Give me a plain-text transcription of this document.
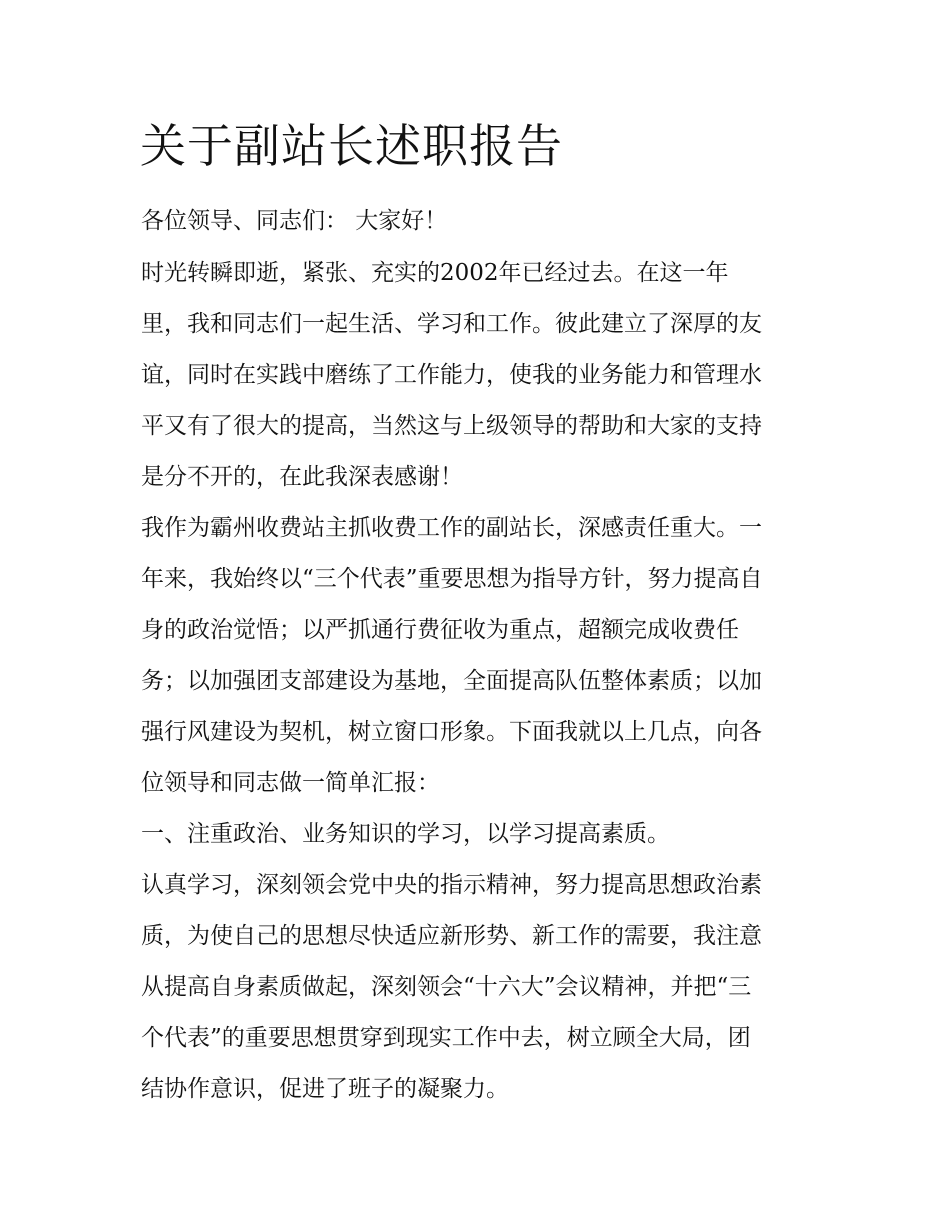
关于副站长述职报告

各位领导、同志们： 大家好！

时光转瞬即逝，紧张、充实的2002年已经过去。在这一年

里，我和同志们一起生活、学习和工作。彼此建立了深厚的友

谊，同时在实践中磨练了工作能力，使我的业务能力和管理水

平又有了很大的提高，当然这与上级领导的帮助和大家的支持

是分不开的，在此我深表感谢！

我作为霸州收费站主抓收费工作的副站长，深感责任重大。一

年来，我始终以“三个代表”重要思想为指导方针，努力提高自

身的政治觉悟；以严抓通行费征收为重点，超额完成收费任

务；以加强团支部建设为基地，全面提高队伍整体素质；以加

强行风建设为契机，树立窗口形象。下面我就以上几点，向各

位领导和同志做一简单汇报：

一、注重政治、业务知识的学习，以学习提高素质。

认真学习，深刻领会党中央的指示精神，努力提高思想政治素

质，为使自己的思想尽快适应新形势、新工作的需要，我注意

从提高自身素质做起，深刻领会“十六大”会议精神，并把“三

个代表”的重要思想贯穿到现实工作中去，树立顾全大局，团

结协作意识，促进了班子的凝聚力。
